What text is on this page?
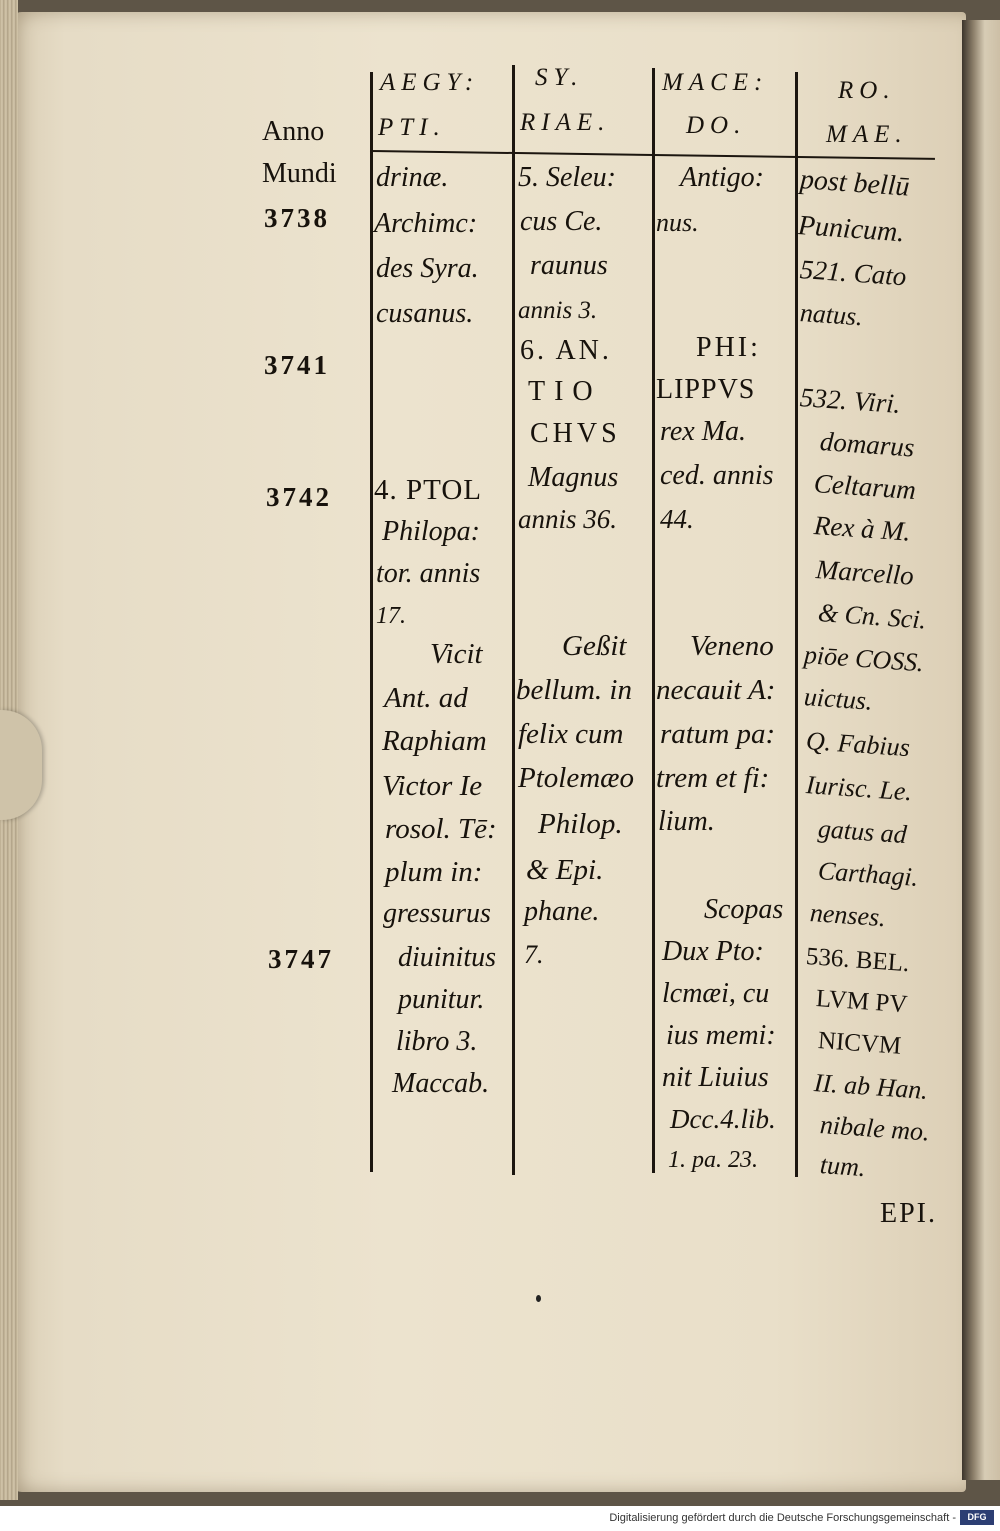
Anno
Mundi
AEGY:
PTI.
SY.
RIAE.
MACE:
DO.
RO.
MAE.
3738
3741
3742
3747
drinæ.
Archimc:
des Syra.
cusanus.
4. PTOL
Philopa:
tor. annis
17.
Vicit
Ant. ad
Raphiam
Victor Ie
rosol. Tē:
plum in:
gressurus
diuinitus
punitur.
libro 3.
Maccab.
5. Seleu:
cus Ce.
raunus
annis 3.
6. AN.
TIO
CHVS
Magnus
annis 36.
Geßit
bellum. in
felix cum
Ptolemæo
Philop.
& Epi.
phane.
7.
Antigo:
nus.
PHI:
LIPPVS
rex Ma.
ced. annis
44.
Veneno
necauit A:
ratum pa:
trem et fi:
lium.
Scopas
Dux Pto:
lcmæi, cu
ius memi:
nit Liuius
Dcc.4.lib.
1. pa. 23.
post bellū
Punicum.
521. Cato
natus.
532. Viri.
domarus
Celtarum
Rex à M.
Marcello
& Cn. Sci.
piōe COSS.
uictus.
Q. Fabius
Iurisc. Le.
gatus ad
Carthagi.
nenses.
536. BEL.
LVM PV
NICVM
II. ab Han.
nibale mo.
tum.
EPI.
Digitalisierung gefördert durch die Deutsche Forschungsgemeinschaft -	DFG
